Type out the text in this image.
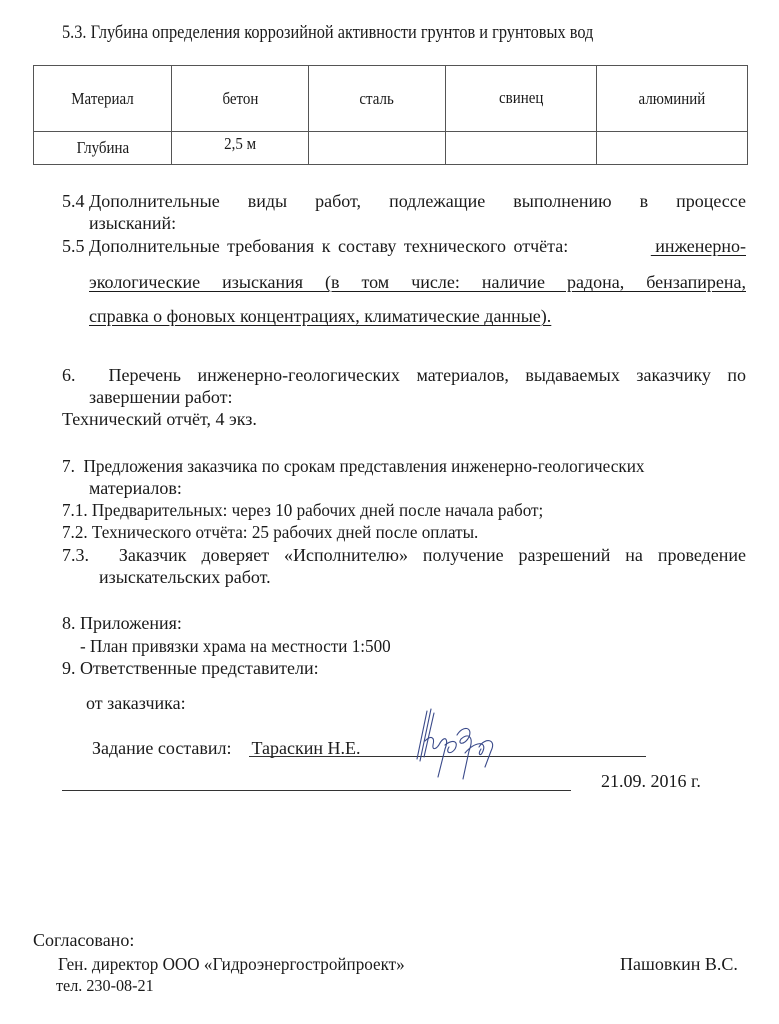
5.3. Глубина определения коррозийной активности грунтов и грунтовых вод
Материал	бетон	сталь	свинец	алюминий
Глубина	2,5 м			
5.4 Дополнительные виды работ, подлежащие выполнению в процессе
изысканий:
5.5 Дополнительные требования к составу технического отчёта:	инженерно-
экологические изыскания (в том числе: наличие радона, бензапирена,
справка о фоновых концентрациях, климатические данные).
6.  Перечень инженерно-геологических материалов, выдаваемых заказчику по
завершении работ:
Технический отчёт, 4 экз.
7.  Предложения заказчика по срокам представления инженерно-геологических
материалов:
7.1. Предварительных: через 10 рабочих дней после начала работ;
7.2. Технического отчёта: 25 рабочих дней после оплаты.
7.3.  Заказчик доверяет «Исполнителю» получение разрешений на проведение
изыскательских работ.
8. Приложения:
- План привязки храма на местности 1:500
9. Ответственные представители:
от заказчика:
Задание составил: Тараскин Н.Е.
21.09. 2016 г.
Согласовано:
Ген. директор ООО «Гидроэнергостройпроект»	Пашовкин В.С.
тел. 230-08-21
